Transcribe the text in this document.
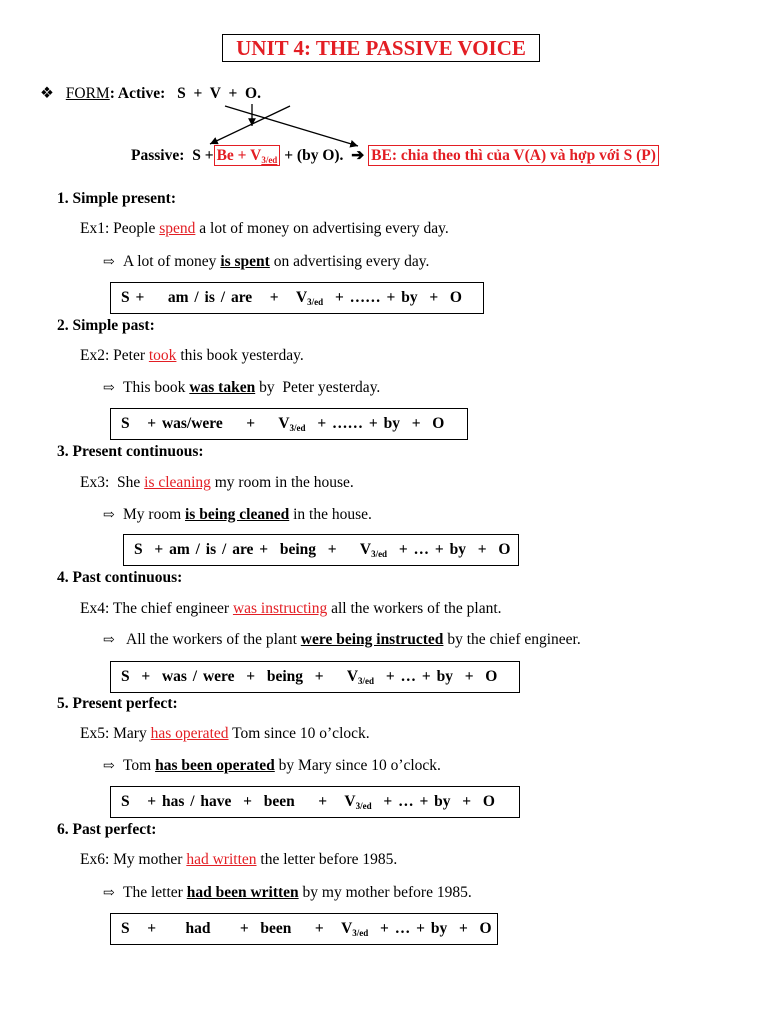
UNIT 4: THE PASSIVE VOICE
❖ FORM: Active: S  +  V  +  O.
Passive: $S + Be + V_{3/ed} + (by$ O). ➔ BE: chia theo thì của V(A) và hợp với S (P)
1. Simple present:
Ex1: People spend a lot of money on advertising every day.
⇨ A lot of money is spent on advertising every day.
S +    am / is / are   +   $V_{3/ed}$  + …… + by  +  O
2. Simple past:
Ex2: Peter took this book yesterday.
⇨ This book was taken by  Peter yesterday.
S   + was/were    +    $V_{3/ed}$  + …… + by  +  O
3. Present continuous:
Ex3:  She is cleaning my room in the house.
⇨ My room is being cleaned in the house.
S  + am / is / are +  being  +    $V_{3/ed}$  + … + by  +  O
4. Past continuous:
Ex4: The chief engineer was instructing all the workers of the plant.
⇨ All the workers of the plant were being instructed by the chief engineer.
S  +  was / were  +  being  +    $V_{3/ed}$  + … + by  +  O
5. Present perfect:
Ex5: Mary has operated Tom since 10 o’clock.
⇨ Tom has been operated by Mary since 10 o’clock.
S   + has / have  +  been    +   $V_{3/ed}$  + … + by  +  O
6. Past perfect:
Ex6: My mother had written the letter before 1985.
⇨ The letter had been written by my mother before 1985.
S   +     had     +  been    +   $V_{3/ed}$  + … + by  +  O
